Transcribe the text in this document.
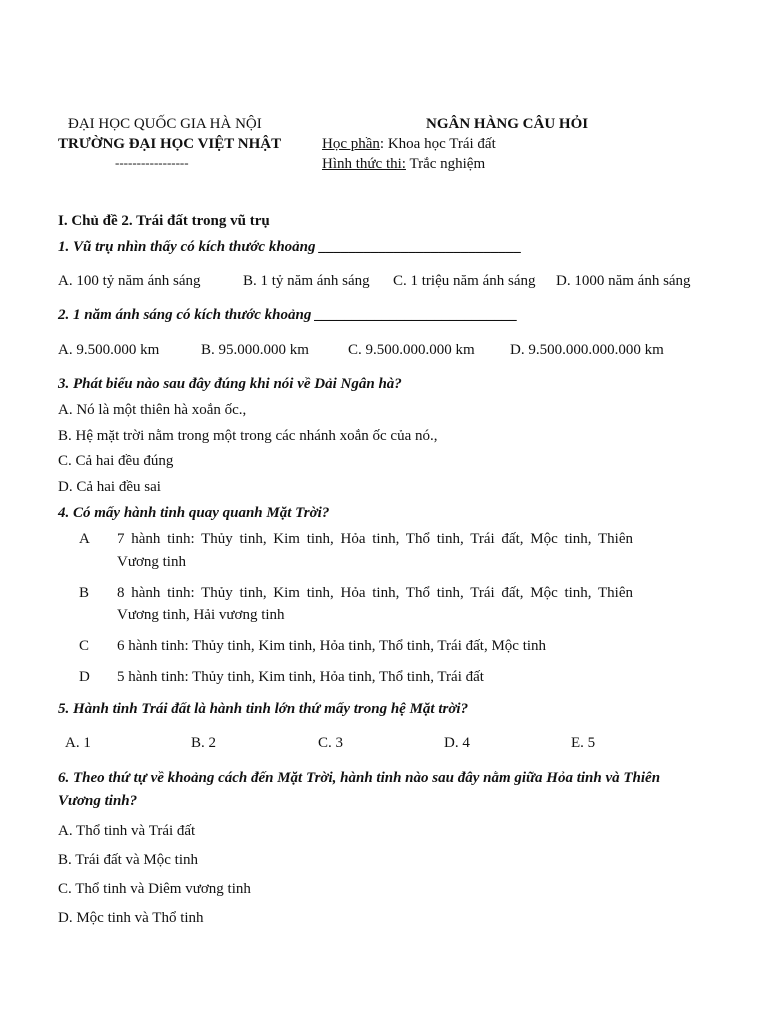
ĐẠI HỌC QUỐC GIA HÀ NỘI
TRƯỜNG ĐẠI HỌC VIỆT NHẬT
-----------------
NGÂN HÀNG CÂU HỎI
Học phần: Khoa học Trái đất
Hình thức thi: Trắc nghiệm
I. Chủ đề 2. Trái đất trong vũ trụ
1. Vũ trụ nhìn thấy có kích thước khoảng ___________________________
A. 100 tỷ năm ánh sáng	B. 1 tỷ năm ánh sáng C. 1 triệu năm ánh sáng D. 1000 năm ánh sáng
2. 1 năm ánh sáng có kích thước khoảng ___________________________
A. 9.500.000 km	B. 95.000.000 km	C. 9.500.000.000 km D. 9.500.000.000.000 km
3. Phát biểu nào sau đây đúng khi nói về Dải Ngân hà?
A. Nó là một thiên hà xoắn ốc.,
B. Hệ mặt trời nằm trong một trong các nhánh xoắn ốc của nó.,
C. Cả hai đều đúng
D. Cả hai đều sai
4. Có mấy hành tinh quay quanh Mặt Trời?
A 7 hành tinh: Thủy tinh, Kim tinh, Hỏa tinh, Thổ tinh, Trái đất, Mộc tinh, Thiên
Vương tinh
B 8 hành tinh: Thủy tinh, Kim tinh, Hỏa tinh, Thổ tinh, Trái đất, Mộc tinh, Thiên
Vương tinh, Hải vương tinh
C 6 hành tinh: Thủy tinh, Kim tinh, Hỏa tinh, Thổ tinh, Trái đất, Mộc tinh
D 5 hành tinh: Thủy tinh, Kim tinh, Hỏa tinh, Thổ tinh, Trái đất
5. Hành tinh Trái đất là hành tinh lớn thứ mấy trong hệ Mặt trời?
A. 1	B. 2	C. 3	D. 4	E. 5
6. Theo thứ tự về khoảng cách đến Mặt Trời, hành tinh nào sau đây nằm giữa Hỏa tinh và Thiên
Vương tinh?
A. Thổ tinh và Trái đất
B. Trái đất và Mộc tinh
C. Thổ tinh và Diêm vương tinh
D. Mộc tinh và Thổ tinh
